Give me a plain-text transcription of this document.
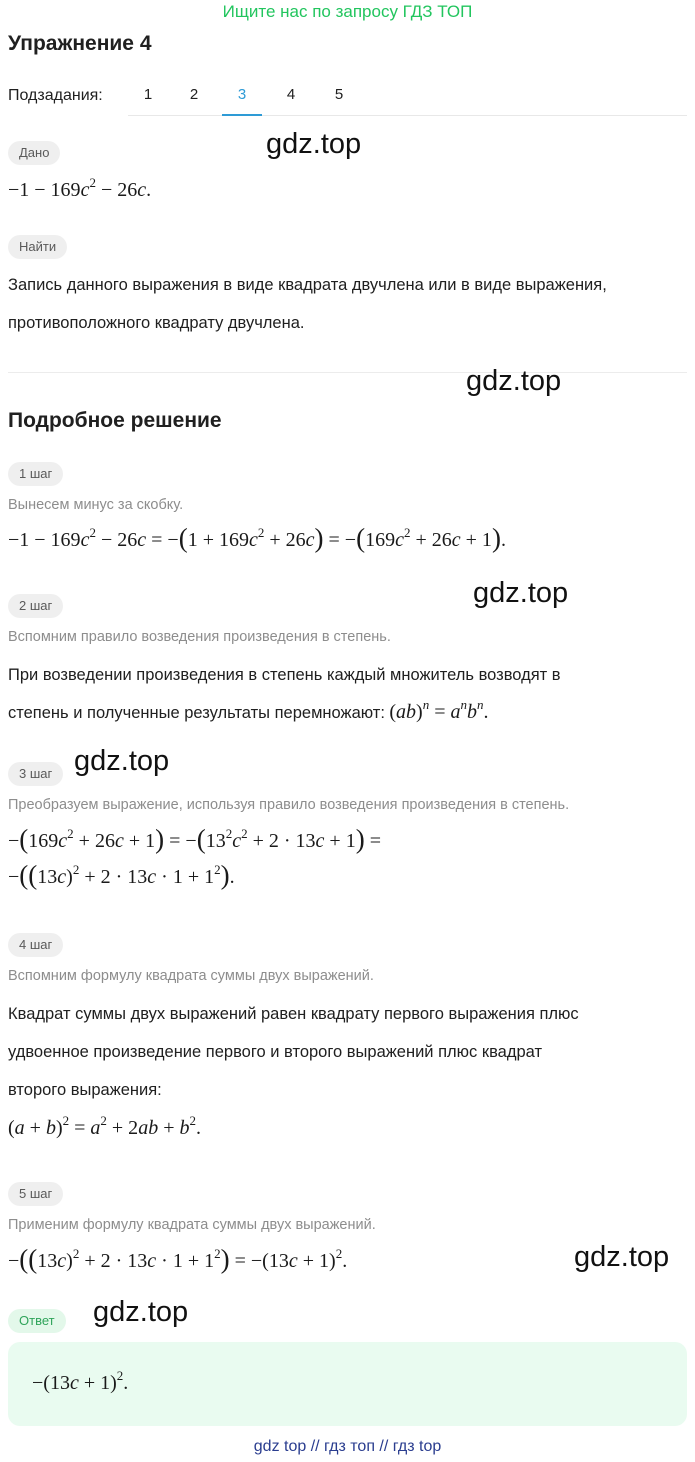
Ищите нас по запросу ГДЗ ТОП
Упражнение 4
Подзадания:	1	2	3	4	5
Дано	gdz.top
$-1 - 169c^2 - 26c$.
Найти
Запись данного выражения в виде квадрата двучлена или в виде выражения,
противоположного квадрату двучлена.
gdz.top
Подробное решение
1 шаг
Вынесем минус за скобку.
$-1 - 169c^2 - 26c = -(1 + 169c^2 + 26c) = -(169c^2 + 26c + 1)$.
gdz.top
2 шаг
Вспомним правило возведения произведения в степень.
При возведении произведения в степень каждый множитель возводят в
степень и полученные результаты перемножают: $(ab)^n = a^nb^n$.
3 шаг gdz.top
Преобразуем выражение, используя правило возведения произведения в степень.
$-(169c^2 + 26c + 1) = -(13^2c^2 + 2 \cdot 13c + 1)$ =
$-((13c)^2 + 2 \cdot 13c \cdot 1 + 1^2)$.
4 шаг
Вспомним формулу квадрата суммы двух выражений.
Квадрат суммы двух выражений равен квадрату первого выражения плюс
удвоенное произведение первого и второго выражений плюс квадрат
второго выражения:
$(a + b)^2 = a^2 + 2ab + b^2$.
5 шаг
Применим формулу квадрата суммы двух выражений.
$-((13c)^2 + 2 \cdot 13c \cdot 1 + 1^2) = -(13c + 1)^2$.	gdz.top
Ответ	gdz.top
$-(13c + 1)^2$.
gdz top // гдз топ // гдз top
